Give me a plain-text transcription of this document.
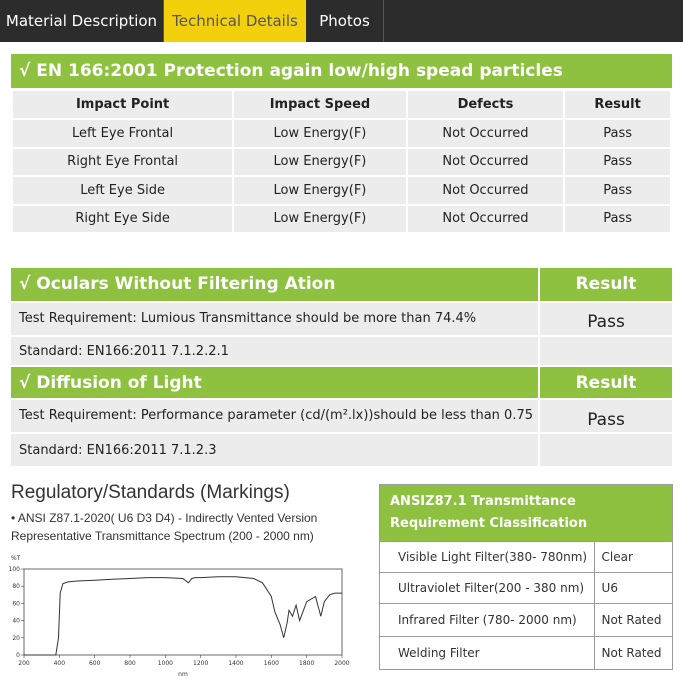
Material Description	Technical Details	Photos
√ EN 166:2001 Protection again low/high spead particles
Impact Point	Impact Speed	Defects	Result
Left Eye Frontal	Low Energy(F)	Not Occurred	Pass
Right Eye Frontal	Low Energy(F)	Not Occurred	Pass
Left Eye Side	Low Energy(F)	Not Occurred	Pass
Right Eye Side	Low Energy(F)	Not Occurred	Pass
√ Oculars Without Filtering Ation	Result
Test Requirement: Lumious Transmittance should be more than 74.4%	Pass
Standard: EN166:2011 7.1.2.2.1
√ Diffusion of Light	Result
Test Requirement: Performance parameter (cd/(m².lx))should be less than 0.75	Pass
Standard: EN166:2011 7.1.2.3
Regulatory/Standards (Markings)
• ANSI Z87.1-2020( U6 D3 D4) - Indirectly Vented Version
Representative Transmittance Spectrum (200 - 2000 nm)
%T
0
20
40
60
80
100
200	400	600	800	1000	1200	1400	1600	1800	2000
nm
ANSIZ87.1 Transmittance
Requirement Classification
Visible Light Filter(380- 780nm)	Clear
Ultraviolet Filter(200 - 380 nm)	U6
Infrared Filter (780- 2000 nm)	Not Rated
Welding Filter	Not Rated
